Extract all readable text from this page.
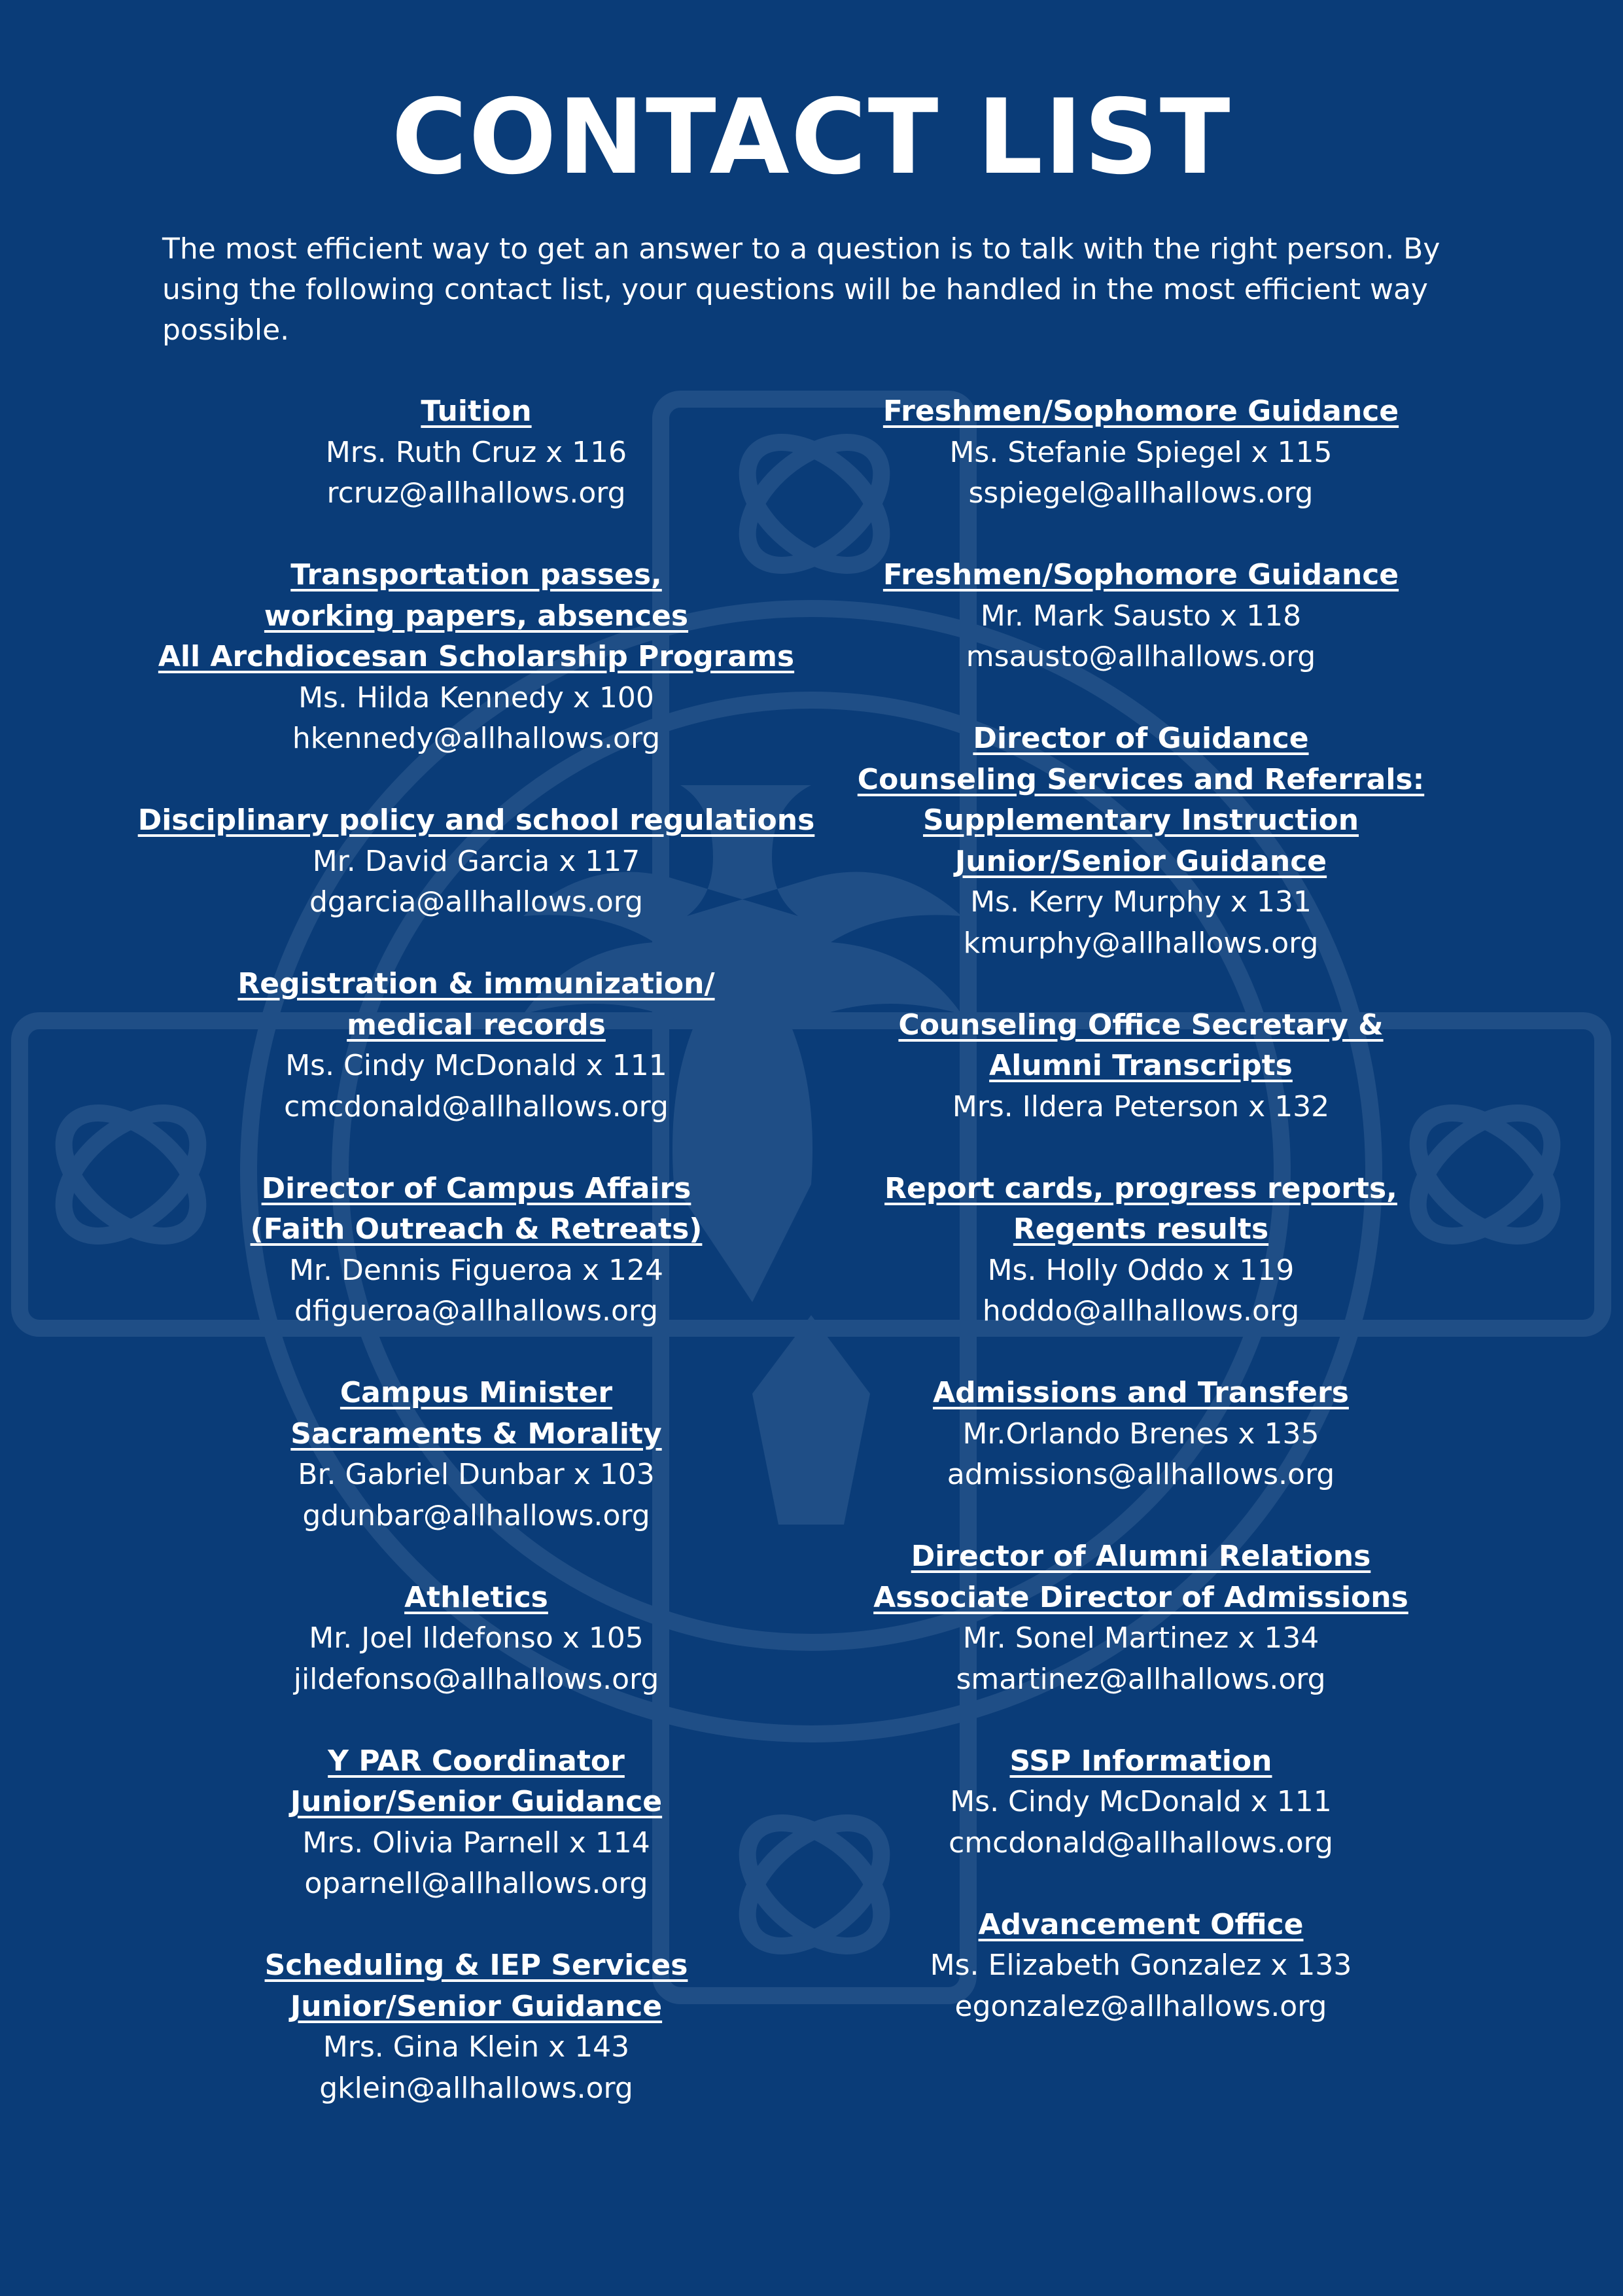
CONTACT LIST

The most efficient way to get an answer to a question is to talk with the right person. By using the following contact list, your questions will be handled in the most efficient way possible.

Tuition
Mrs. Ruth Cruz x 116
rcruz@allhallows.org
Transportation passes,
working papers, absences
All Archdiocesan Scholarship Programs
Ms. Hilda Kennedy x 100
hkennedy@allhallows.org
Disciplinary policy and school regulations
Mr. David Garcia x 117
dgarcia@allhallows.org
Registration & immunization/
medical records
Ms. Cindy McDonald x 111
cmcdonald@allhallows.org
Director of Campus Affairs
(Faith Outreach & Retreats)
Mr. Dennis Figueroa x 124
dfigueroa@allhallows.org
Campus Minister
Sacraments & Morality
Br. Gabriel Dunbar x 103
gdunbar@allhallows.org
Athletics
Mr. Joel Ildefonso x 105
jildefonso@allhallows.org
Y PAR Coordinator
Junior/Senior Guidance
Mrs. Olivia Parnell x 114
oparnell@allhallows.org
Scheduling & IEP Services
Junior/Senior Guidance
Mrs. Gina Klein x 143
gklein@allhallows.org
Freshmen/Sophomore Guidance
Ms. Stefanie Spiegel x 115
sspiegel@allhallows.org
Freshmen/Sophomore Guidance
Mr. Mark Sausto x 118
msausto@allhallows.org
Director of Guidance
Counseling Services and Referrals:
Supplementary Instruction
Junior/Senior Guidance
Ms. Kerry Murphy x 131
kmurphy@allhallows.org
Counseling Office Secretary &
Alumni Transcripts
Mrs. Ildera Peterson x 132
Report cards, progress reports,
Regents results
Ms. Holly Oddo x 119
hoddo@allhallows.org
Admissions and Transfers
Mr.Orlando Brenes x 135
admissions@allhallows.org
Director of Alumni Relations
Associate Director of Admissions
Mr. Sonel Martinez x 134
smartinez@allhallows.org
SSP Information
Ms. Cindy McDonald x 111
cmcdonald@allhallows.org
Advancement Office
Ms. Elizabeth Gonzalez x 133
egonzalez@allhallows.org
